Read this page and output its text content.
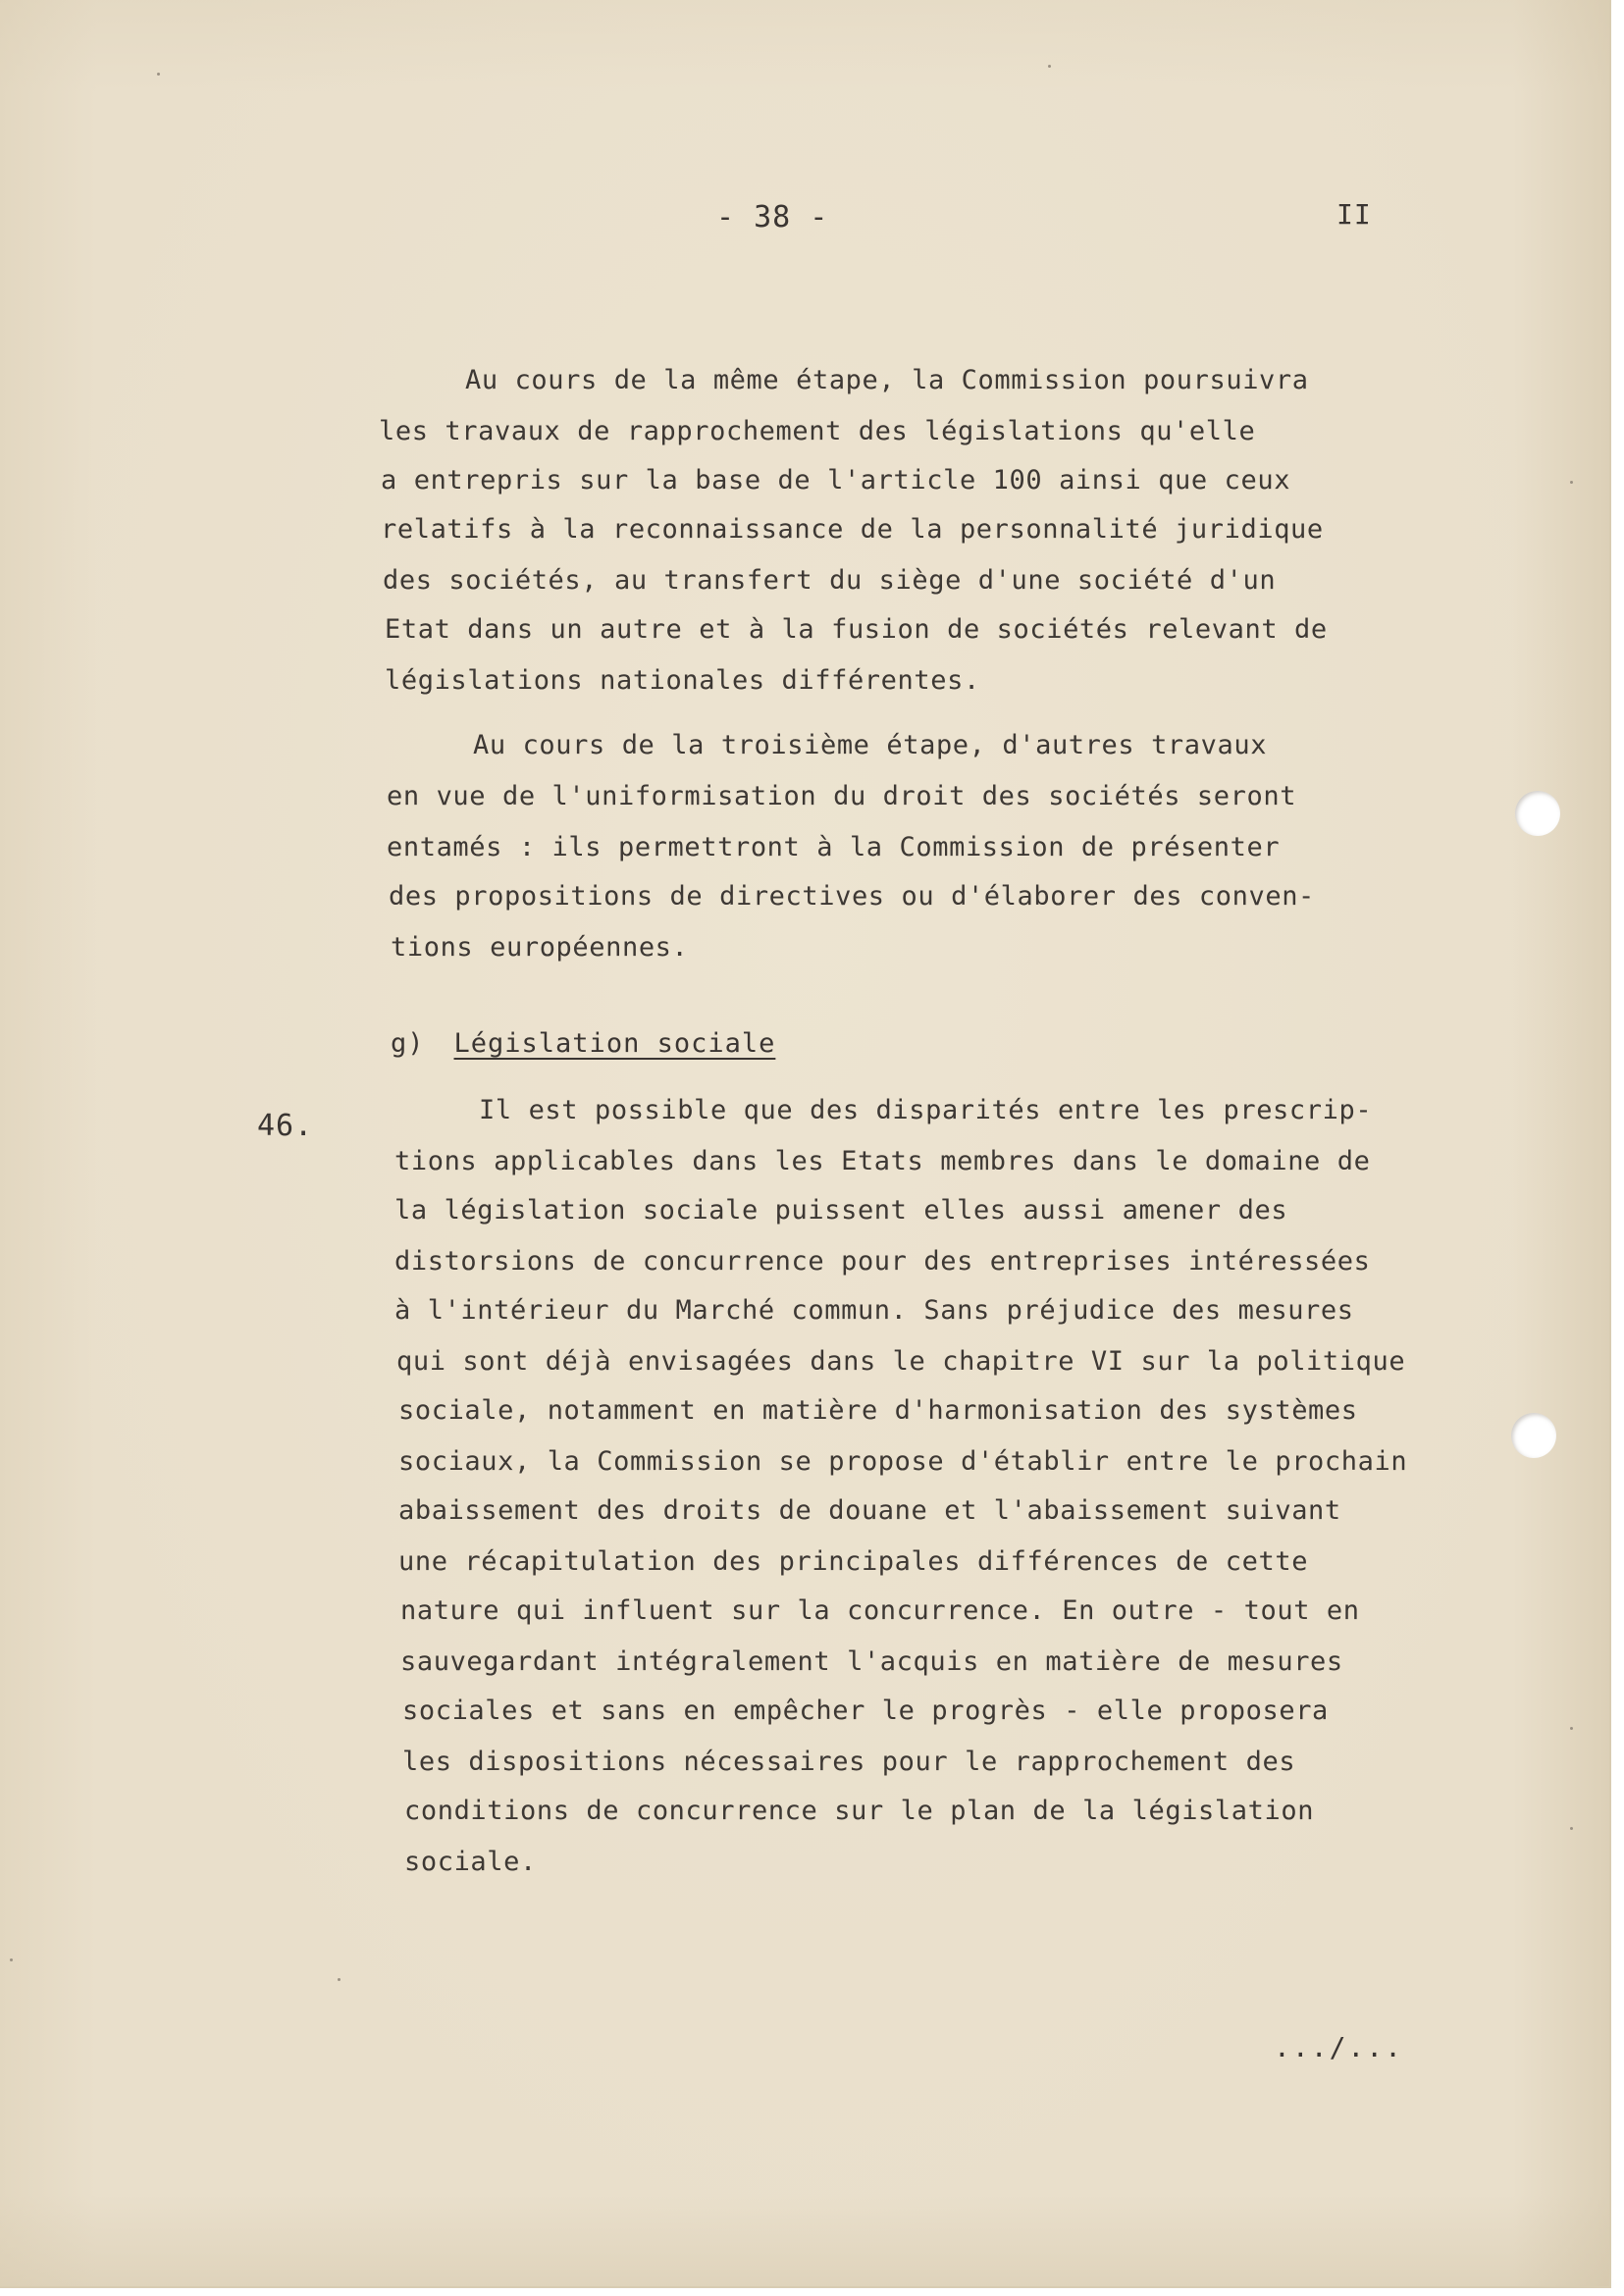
- 38 -	II
Au cours de la même étape, la Commission poursuivra
les travaux de rapprochement des législations qu'elle
a entrepris sur la base de l'article 100 ainsi que ceux
relatifs à la reconnaissance de la personnalité juridique
des sociétés, au transfert du siège d'une société d'un
Etat dans un autre et à la fusion de sociétés relevant de
législations nationales différentes.
Au cours de la troisième étape, d'autres travaux
en vue de l'uniformisation du droit des sociétés seront
entamés : ils permettront à la Commission de présenter
des propositions de directives ou d'élaborer des conven-
tions européennes.
g) Législation sociale
46.	Il est possible que des disparités entre les prescrip-
tions applicables dans les Etats membres dans le domaine de
la législation sociale puissent elles aussi amener des
distorsions de concurrence pour des entreprises intéressées
à l'intérieur du Marché commun. Sans préjudice des mesures
qui sont déjà envisagées dans le chapitre VI sur la politique
sociale, notamment en matière d'harmonisation des systèmes
sociaux, la Commission se propose d'établir entre le prochain
abaissement des droits de douane et l'abaissement suivant
une récapitulation des principales différences de cette
nature qui influent sur la concurrence. En outre - tout en
sauvegardant intégralement l'acquis en matière de mesures
sociales et sans en empêcher le progrès - elle proposera
les dispositions nécessaires pour le rapprochement des
conditions de concurrence sur le plan de la législation
sociale.
.../...
